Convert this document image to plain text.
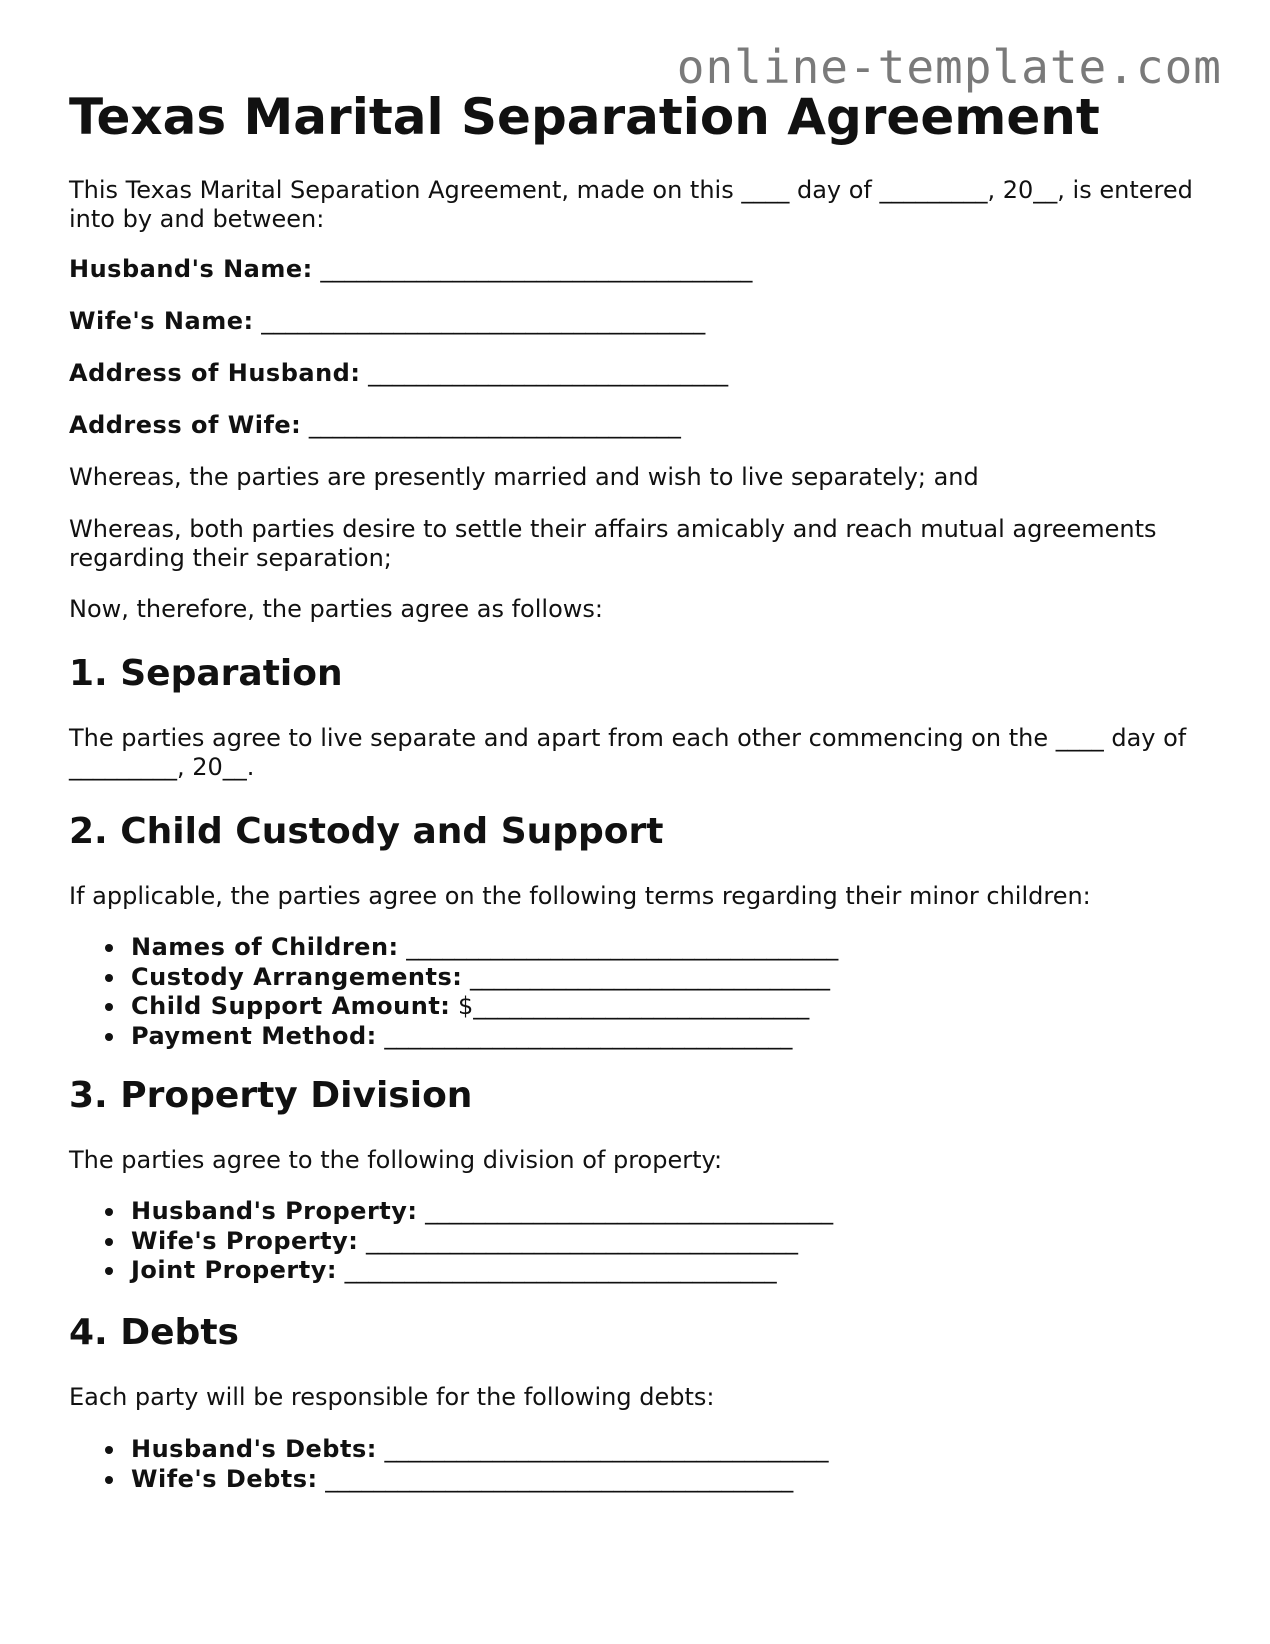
online-template.com
Texas Marital Separation Agreement

This Texas Marital Separation Agreement, made on this ____ day of _________, 20__, is entered into by and between:

Husband's Name: ____________________________________

Wife's Name: _____________________________________

Address of Husband: ______________________________

Address of Wife: _______________________________

Whereas, the parties are presently married and wish to live separately; and

Whereas, both parties desire to settle their affairs amicably and reach mutual agreements regarding their separation;

Now, therefore, the parties agree as follows:

1. Separation

The parties agree to live separate and apart from each other commencing on the ____ day of _________, 20__.

2. Child Custody and Support

If applicable, the parties agree on the following terms regarding their minor children:

Names of Children: ____________________________________
Custody Arrangements: ______________________________
Child Support Amount: $____________________________
Payment Method: __________________________________
3. Property Division

The parties agree to the following division of property:

Husband's Property: __________________________________
Wife's Property: ____________________________________
Joint Property: ____________________________________
4. Debts

Each party will be responsible for the following debts:

Husband's Debts: _____________________________________
Wife's Debts: _______________________________________
